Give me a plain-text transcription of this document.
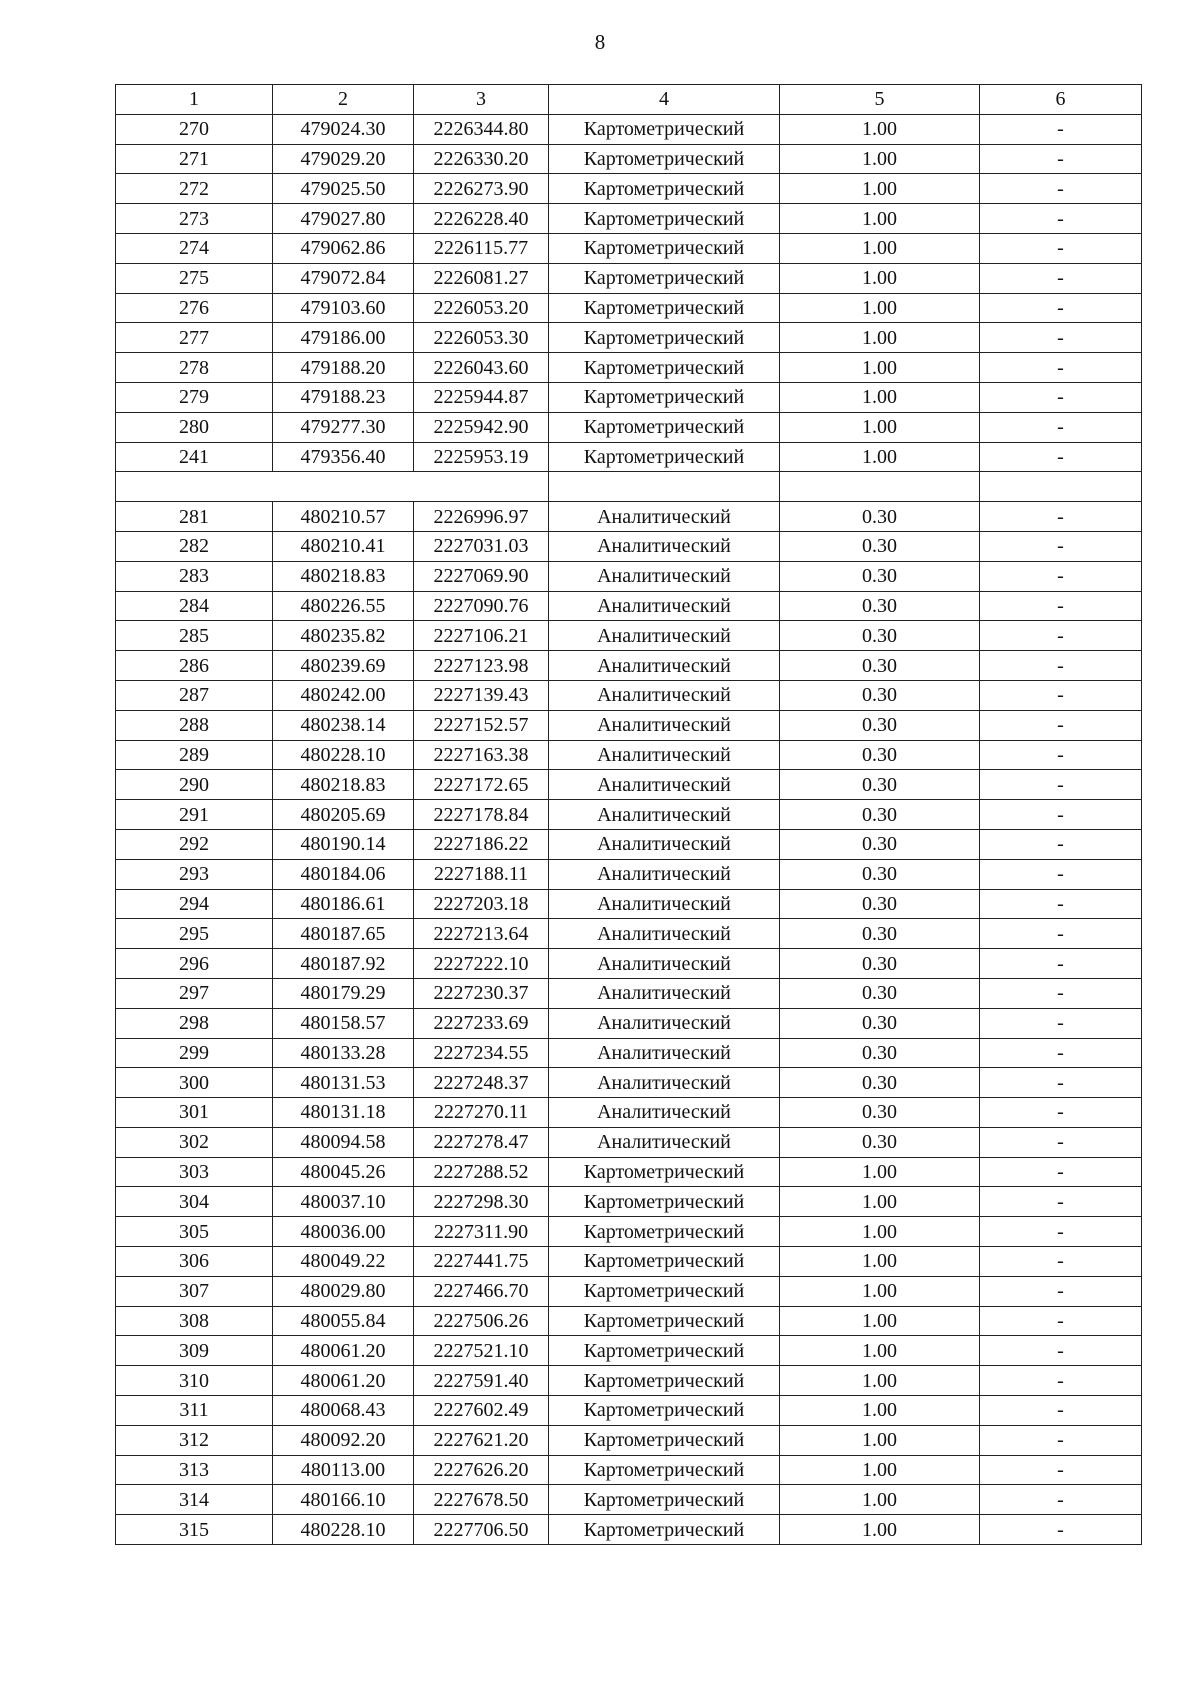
8
1	2	3	4	5	6
270	479024.30	2226344.80	Картометрический	1.00	-
271	479029.20	2226330.20	Картометрический	1.00	-
272	479025.50	2226273.90	Картометрический	1.00	-
273	479027.80	2226228.40	Картометрический	1.00	-
274	479062.86	2226115.77	Картометрический	1.00	-
275	479072.84	2226081.27	Картометрический	1.00	-
276	479103.60	2226053.20	Картометрический	1.00	-
277	479186.00	2226053.30	Картометрический	1.00	-
278	479188.20	2226043.60	Картометрический	1.00	-
279	479188.23	2225944.87	Картометрический	1.00	-
280	479277.30	2225942.90	Картометрический	1.00	-
241	479356.40	2225953.19	Картометрический	1.00	-

281	480210.57	2226996.97	Аналитический	0.30	-
282	480210.41	2227031.03	Аналитический	0.30	-
283	480218.83	2227069.90	Аналитический	0.30	-
284	480226.55	2227090.76	Аналитический	0.30	-
285	480235.82	2227106.21	Аналитический	0.30	-
286	480239.69	2227123.98	Аналитический	0.30	-
287	480242.00	2227139.43	Аналитический	0.30	-
288	480238.14	2227152.57	Аналитический	0.30	-
289	480228.10	2227163.38	Аналитический	0.30	-
290	480218.83	2227172.65	Аналитический	0.30	-
291	480205.69	2227178.84	Аналитический	0.30	-
292	480190.14	2227186.22	Аналитический	0.30	-
293	480184.06	2227188.11	Аналитический	0.30	-
294	480186.61	2227203.18	Аналитический	0.30	-
295	480187.65	2227213.64	Аналитический	0.30	-
296	480187.92	2227222.10	Аналитический	0.30	-
297	480179.29	2227230.37	Аналитический	0.30	-
298	480158.57	2227233.69	Аналитический	0.30	-
299	480133.28	2227234.55	Аналитический	0.30	-
300	480131.53	2227248.37	Аналитический	0.30	-
301	480131.18	2227270.11	Аналитический	0.30	-
302	480094.58	2227278.47	Аналитический	0.30	-
303	480045.26	2227288.52	Картометрический	1.00	-
304	480037.10	2227298.30	Картометрический	1.00	-
305	480036.00	2227311.90	Картометрический	1.00	-
306	480049.22	2227441.75	Картометрический	1.00	-
307	480029.80	2227466.70	Картометрический	1.00	-
308	480055.84	2227506.26	Картометрический	1.00	-
309	480061.20	2227521.10	Картометрический	1.00	-
310	480061.20	2227591.40	Картометрический	1.00	-
311	480068.43	2227602.49	Картометрический	1.00	-
312	480092.20	2227621.20	Картометрический	1.00	-
313	480113.00	2227626.20	Картометрический	1.00	-
314	480166.10	2227678.50	Картометрический	1.00	-
315	480228.10	2227706.50	Картометрический	1.00	-
